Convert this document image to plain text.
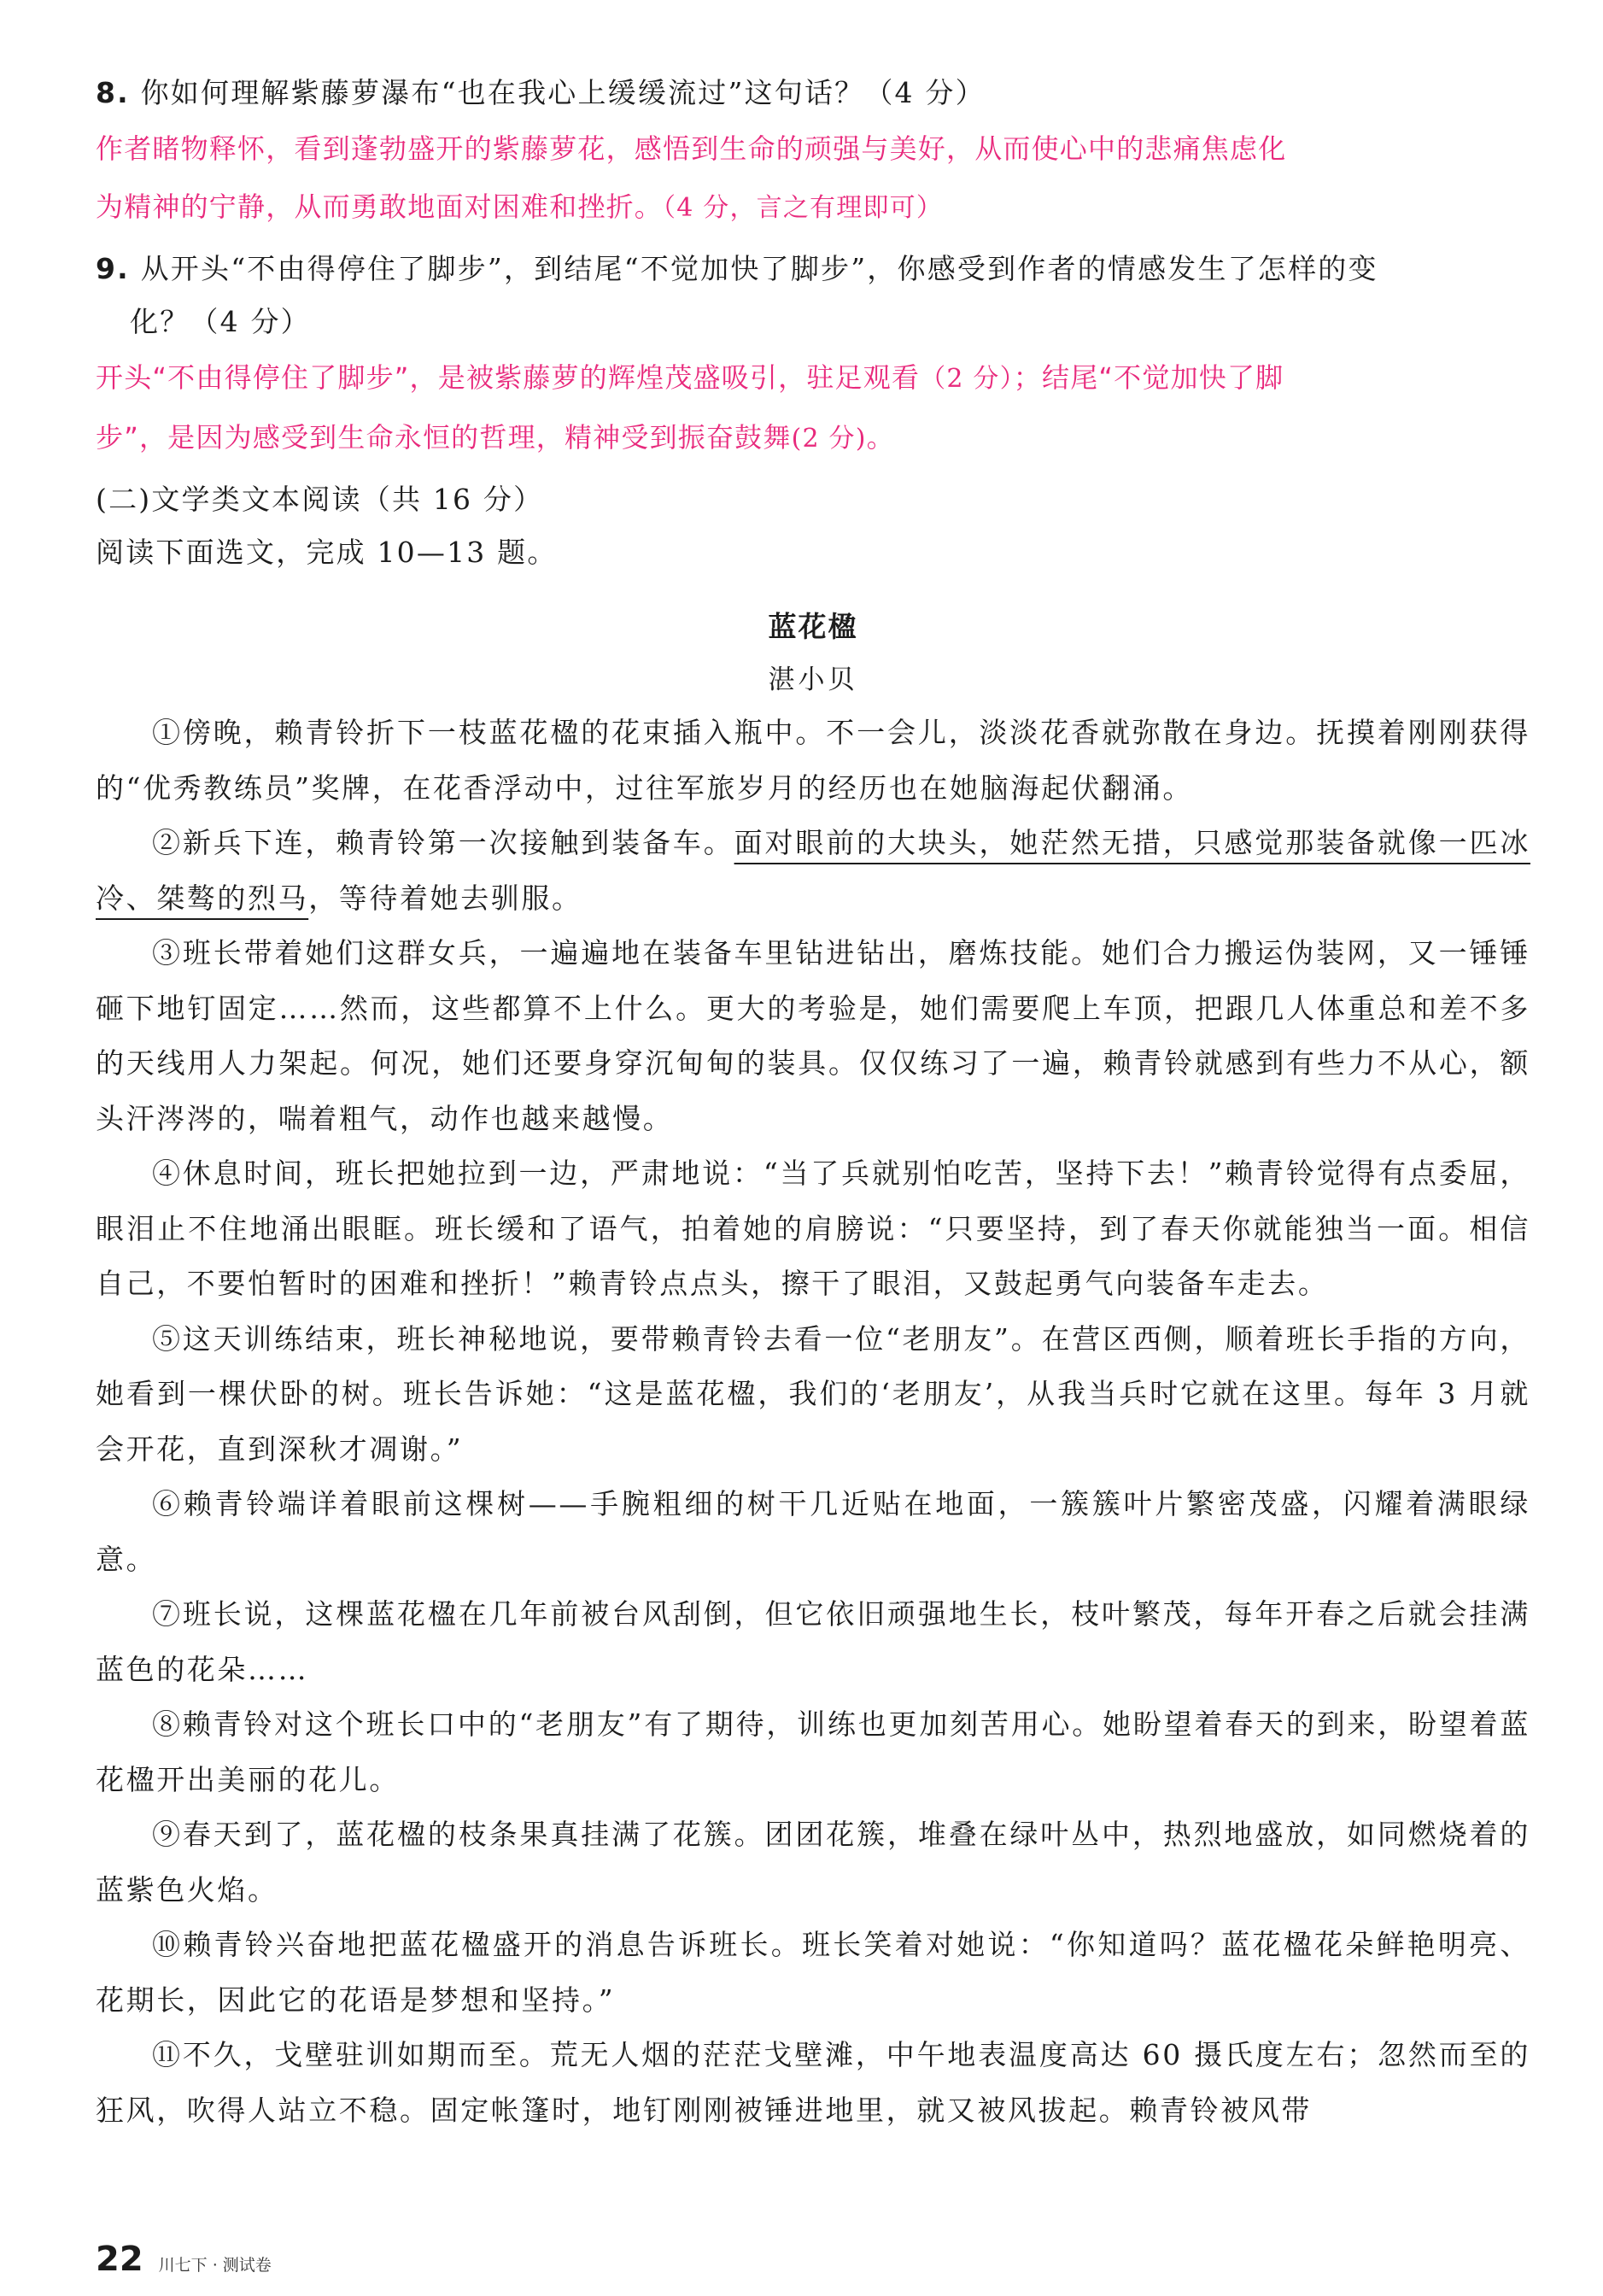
8. 你如何理解紫藤萝瀑布“也在我心上缓缓流过”这句话？（4 分）
作者睹物释怀，看到蓬勃盛开的紫藤萝花，感悟到生命的顽强与美好，从而使心中的悲痛焦虑化
为精神的宁静，从而勇敢地面对困难和挫折。（4 分，言之有理即可）
9. 从开头“不由得停住了脚步”，到结尾“不觉加快了脚步”，你感受到作者的情感发生了怎样的变
化？（4 分）
开头“不由得停住了脚步”，是被紫藤萝的辉煌茂盛吸引，驻足观看（2 分）；结尾“不觉加快了脚
步”，是因为感受到生命永恒的哲理，精神受到振奋鼓舞(2 分)。
(二)文学类文本阅读（共 16 分）
阅读下面选文，完成 10—13 题。
蓝花楹
湛小贝
①傍晚，赖青铃折下一枝蓝花楹的花束插入瓶中。不一会儿，淡淡花香就弥散在身边。抚摸着刚刚获得的“优秀教练员”奖牌，在花香浮动中，过往军旅岁月的经历也在她脑海起伏翻涌。
②新兵下连，赖青铃第一次接触到装备车。面对眼前的大块头，她茫然无措，只感觉那装备就像一匹冰冷、桀骜的烈马，等待着她去驯服。
③班长带着她们这群女兵，一遍遍地在装备车里钻进钻出，磨炼技能。她们合力搬运伪装网，又一锤锤砸下地钉固定……然而，这些都算不上什么。更大的考验是，她们需要爬上车顶，把跟几人体重总和差不多的天线用人力架起。何况，她们还要身穿沉甸甸的装具。仅仅练习了一遍，赖青铃就感到有些力不从心，额头汗涔涔的，喘着粗气，动作也越来越慢。
④休息时间，班长把她拉到一边，严肃地说：“当了兵就别怕吃苦，坚持下去！”赖青铃觉得有点委屈，眼泪止不住地涌出眼眶。班长缓和了语气，拍着她的肩膀说：“只要坚持，到了春天你就能独当一面。相信自己，不要怕暂时的困难和挫折！”赖青铃点点头，擦干了眼泪，又鼓起勇气向装备车走去。
⑤这天训练结束，班长神秘地说，要带赖青铃去看一位“老朋友”。在营区西侧，顺着班长手指的方向，她看到一棵伏卧的树。班长告诉她：“这是蓝花楹，我们的‘老朋友’，从我当兵时它就在这里。每年 3 月就会开花，直到深秋才凋谢。”
⑥赖青铃端详着眼前这棵树——手腕粗细的树干几近贴在地面，一簇簇叶片繁密茂盛，闪耀着满眼绿意。
⑦班长说，这棵蓝花楹在几年前被台风刮倒，但它依旧顽强地生长，枝叶繁茂，每年开春之后就会挂满蓝色的花朵……
⑧赖青铃对这个班长口中的“老朋友”有了期待，训练也更加刻苦用心。她盼望着春天的到来，盼望着蓝花楹开出美丽的花儿。
⑨春天到了，蓝花楹的枝条果真挂满了花簇。团团花簇，堆叠在绿叶丛中，热烈地盛放，如同燃烧着的蓝紫色火焰。
⑩赖青铃兴奋地把蓝花楹盛开的消息告诉班长。班长笑着对她说：“你知道吗？蓝花楹花朵鲜艳明亮、花期长，因此它的花语是梦想和坚持。”
⑪不久，戈壁驻训如期而至。荒无人烟的茫茫戈壁滩，中午地表温度高达 60 摄氏度左右；忽然而至的狂风，吹得人站立不稳。固定帐篷时，地钉刚刚被锤进地里，就又被风拔起。赖青铃被风带
22 川七下 · 测试卷
